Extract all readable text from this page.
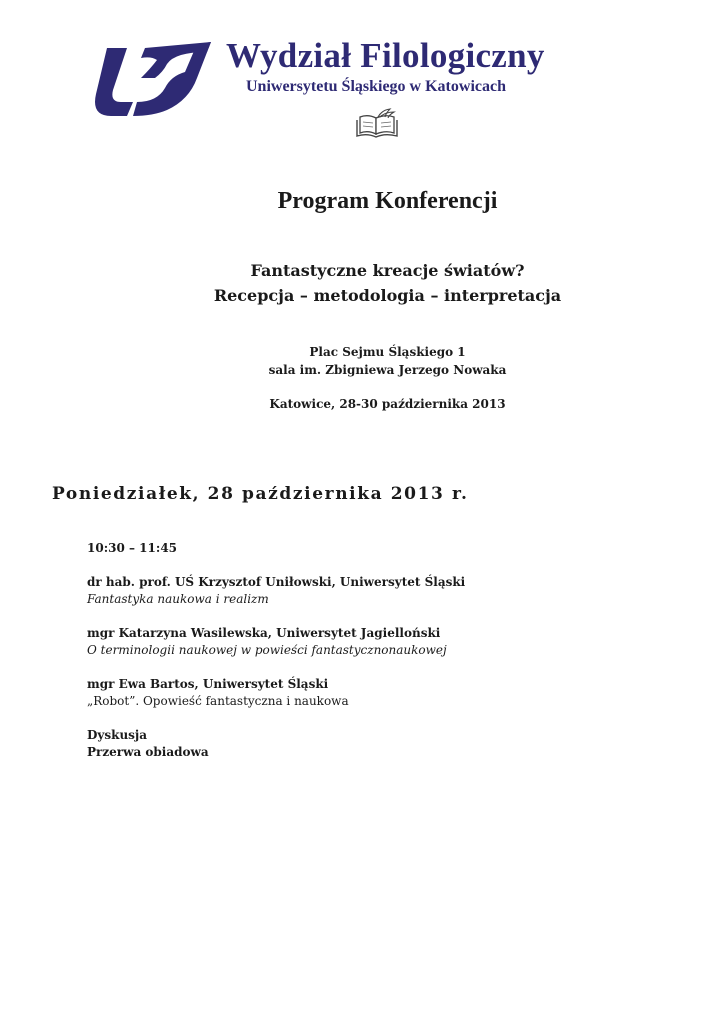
Wydział Filologiczny
Uniwersytetu Śląskiego w Katowicach
Program Konferencji
Fantastyczne kreacje światów?
Recepcja – metodologia – interpretacja
Plac Sejmu Śląskiego 1
sala im. Zbigniewa Jerzego Nowaka
Katowice, 28-30 października 2013
Poniedziałek, 28 października 2013 r.
10:30 – 11:45
dr hab. prof. UŚ Krzysztof Uniłowski, Uniwersytet Śląski
Fantastyka naukowa i realizm
mgr Katarzyna Wasilewska, Uniwersytet Jagielloński
O terminologii naukowej w powieści fantastycznonaukowej
mgr Ewa Bartos, Uniwersytet Śląski
„Robot”. Opowieść fantastyczna i naukowa
Dyskusja
Przerwa obiadowa
